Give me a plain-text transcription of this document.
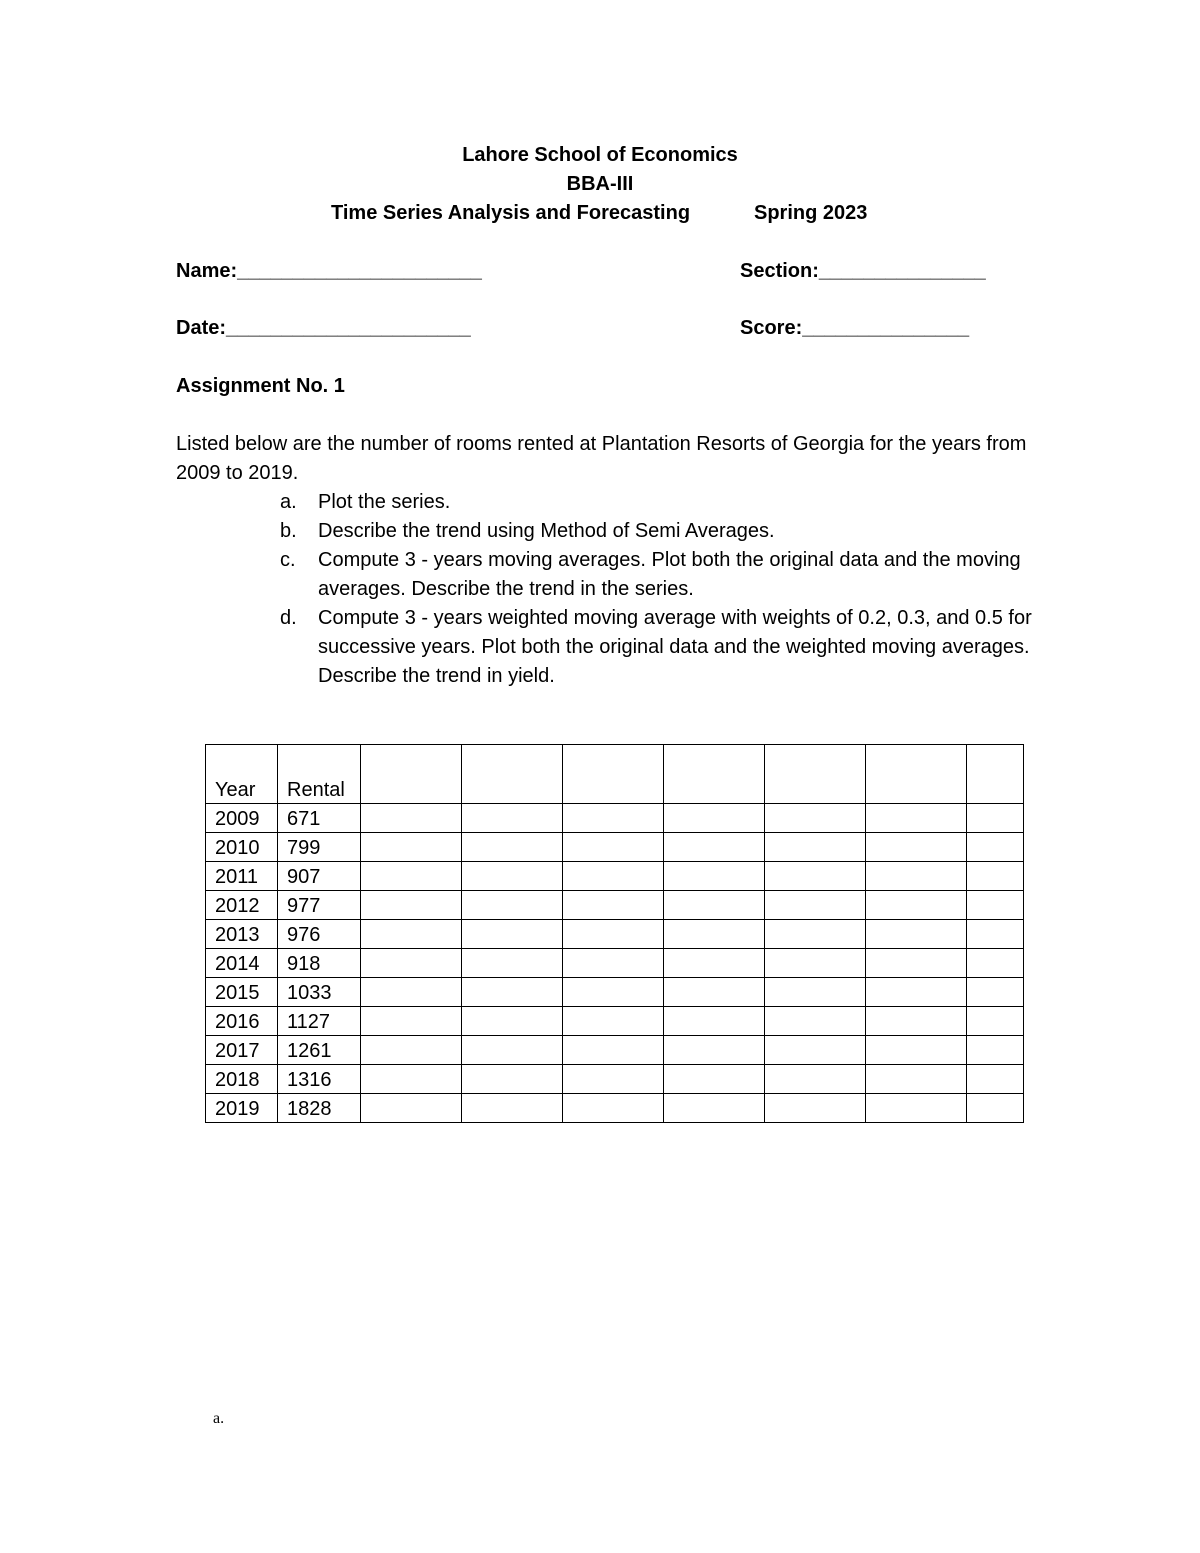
Lahore School of Economics
BBA-III
Time Series Analysis and Forecasting	Spring 2023
Name:______________________	Section:_______________
Date:______________________	Score:_______________
Assignment No. 1
Listed below are the number of rooms rented at Plantation Resorts of Georgia for the years from 2009 to 2019.
a. Plot the series.
b. Describe the trend using Method of Semi Averages.
c. Compute 3 - years moving averages. Plot both the original data and the moving averages. Describe the trend in the series.
d. Compute 3 - years weighted moving average with weights of 0.2, 0.3, and 0.5 for successive years. Plot both the original data and the weighted moving averages. Describe the trend in yield.
Year	Rental							
2009	671							
2010	799							
2011	907							
2012	977							
2013	976							
2014	918							
2015	1033							
2016	1127							
2017	1261							
2018	1316							
2019	1828							
a.
